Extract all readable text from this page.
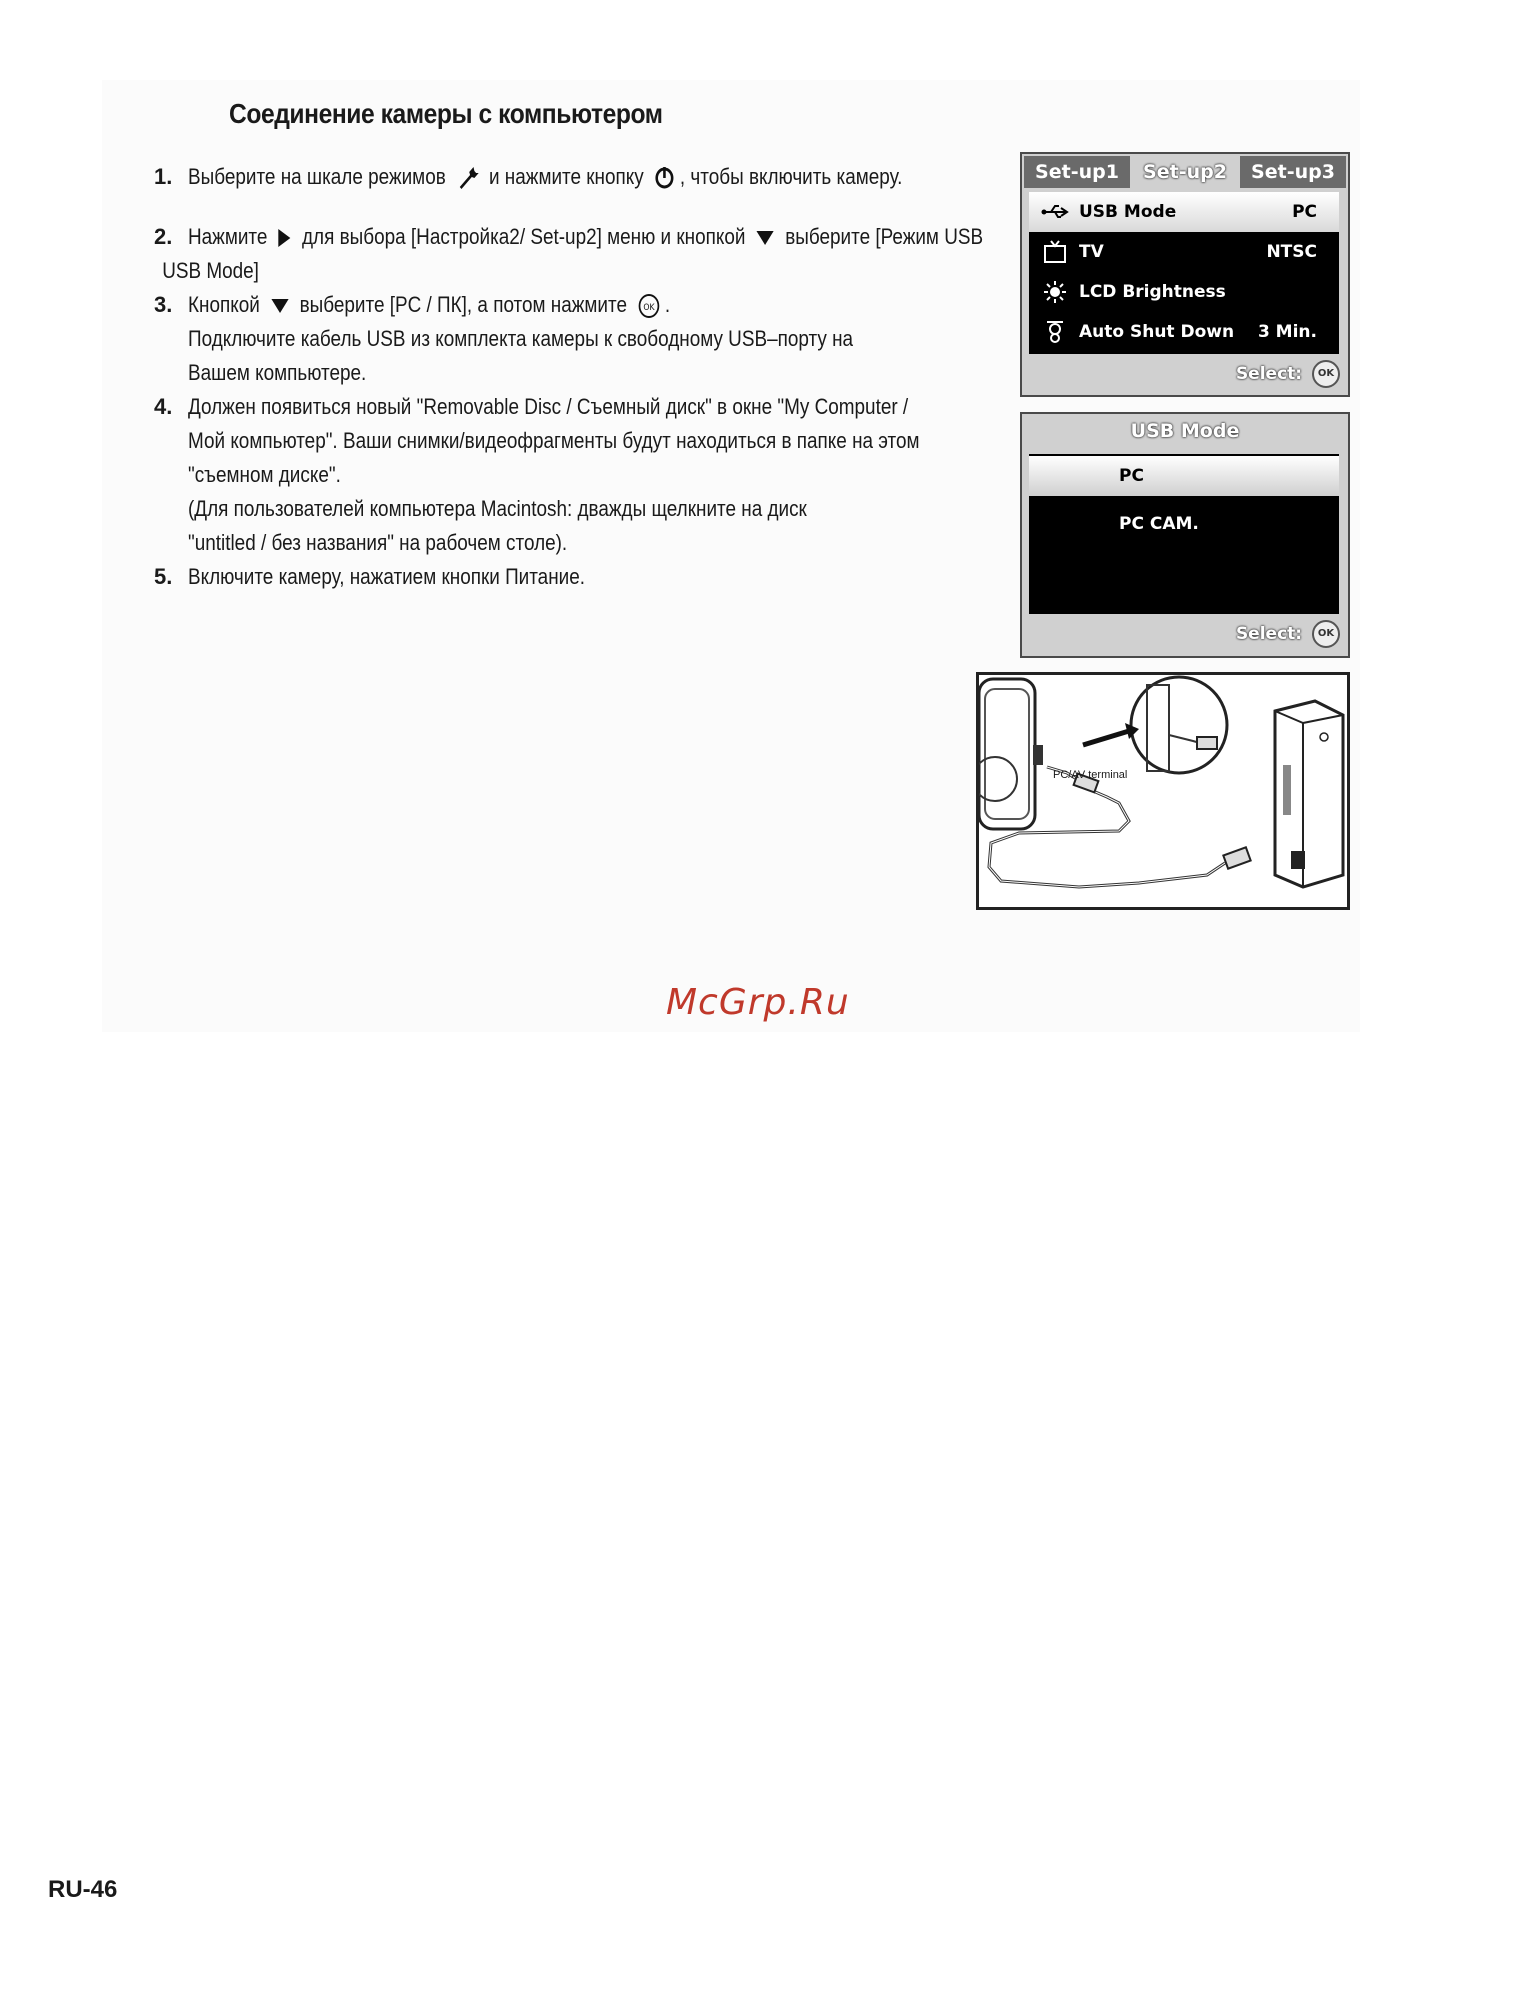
Соединение камеры с компьютером
1. Выберите на шкале режимов и нажмите кнопку , чтобы включить камеру.
2. Нажмите для выбора [Настройка2/ Set-up2] меню и кнопкой выберите [Режим USB
USB Mode]
3. Кнопкой выберите [PC / ПК], а потом нажмите OK .
Подключите кабель USB из комплекта камеры к свободному USB–порту на
Вашем компьютере.
4. Должен появиться новый "Removable Disc / Съемный диск" в окне "My Computer /
Мой компьютер". Ваши снимки/видеофрагменты будут находиться в папке на этом
"съемном диске".
(Для пользователей компьютера Macintosh: дважды щелкните на диск
"untitled / без названия" на рабочем столе).
5. Включите камеру, нажатием кнопки Питание.
Set-up1	Set-up2	Set-up3
USB Mode	PC
TV	NTSC
LCD Brightness
Auto Shut Down 3 Min.
Select: OK
USB Mode
PC
PC CAM.
Select: OK
PC/AV terminal
McGrp.Ru
RU-46
